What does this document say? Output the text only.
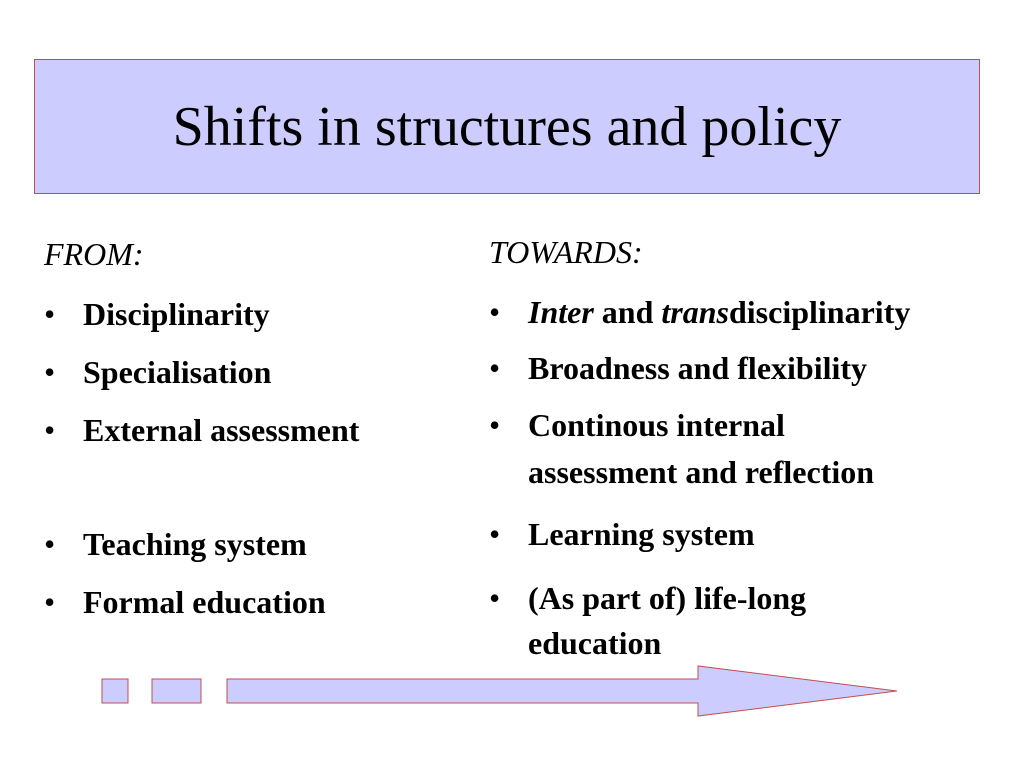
Shifts in structures and policy
FROM:
• Disciplinarity
• Specialisation
• External assessment
• Teaching system
• Formal education
TOWARDS:
• Inter and transdisciplinarity
• Broadness and flexibility
• Continous internal
assessment and reflection
• Learning system
• (As part of) life-long
education
